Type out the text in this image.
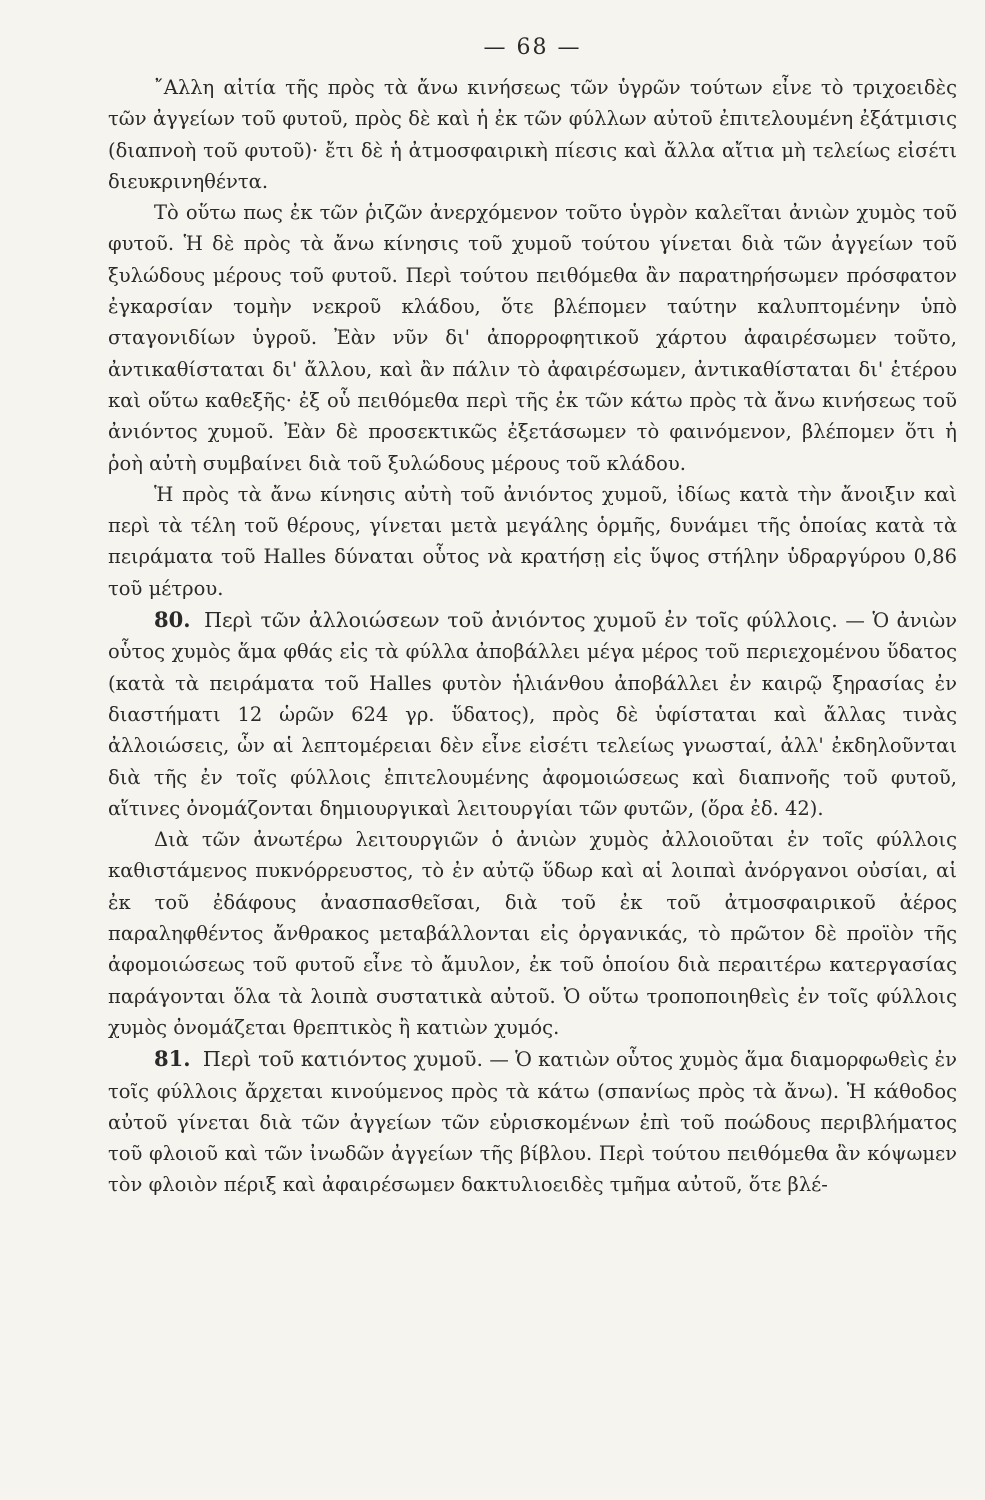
— 68 —

῎Αλλη αἰτία τῆς πρὸς τὰ ἄνω κινήσεως τῶν ὑγρῶν τούτων εἶνε τὸ τριχοειδὲς τῶν ἀγγείων τοῦ φυτοῦ, πρὸς δὲ καὶ ἡ ἐκ τῶν φύλλων αὐτοῦ ἐπιτελουμένη ἐξάτμισις (διαπνοὴ τοῦ φυτοῦ)· ἔτι δὲ ἡ ἀτμοσφαιρικὴ πίεσις καὶ ἄλλα αἴτια μὴ τελείως εἰσέτι διευκρινηθέντα.

Τὸ οὕτω πως ἐκ τῶν ῥιζῶν ἀνερχόμενον τοῦτο ὑγρὸν καλεῖται ἀνιὼν χυμὸς τοῦ φυτοῦ. Ἡ δὲ πρὸς τὰ ἄνω κίνησις τοῦ χυμοῦ τούτου γίνεται διὰ τῶν ἀγγείων τοῦ ξυλώδους μέρους τοῦ φυτοῦ. Περὶ τούτου πειθόμεθα ἂν παρατηρήσωμεν πρόσφατον ἐγκαρσίαν τομὴν νεκροῦ κλάδου, ὅτε βλέπομεν ταύτην καλυπτομένην ὑπὸ σταγονιδίων ὑγροῦ. Ἐὰν νῦν δι' ἀπορροφητικοῦ χάρτου ἀφαιρέσωμεν τοῦτο, ἀντικαθίσταται δι' ἄλλου, καὶ ἂν πάλιν τὸ ἀφαιρέσωμεν, ἀντικαθίσταται δι' ἑτέρου καὶ οὕτω καθεξῆς· ἐξ οὗ πειθόμεθα περὶ τῆς ἐκ τῶν κάτω πρὸς τὰ ἄνω κινήσεως τοῦ ἀνιόντος χυμοῦ. Ἐὰν δὲ προσεκτικῶς ἐξετάσωμεν τὸ φαινόμενον, βλέπομεν ὅτι ἡ ῥοὴ αὐτὴ συμβαίνει διὰ τοῦ ξυλώδους μέρους τοῦ κλάδου.

Ἡ πρὸς τὰ ἄνω κίνησις αὐτὴ τοῦ ἀνιόντος χυμοῦ, ἰδίως κατὰ τὴν ἄνοιξιν καὶ περὶ τὰ τέλη τοῦ θέρους, γίνεται μετὰ μεγάλης ὁρμῆς, δυνάμει τῆς ὁποίας κατὰ τὰ πειράματα τοῦ Halles δύναται οὗτος νὰ κρατήσῃ εἰς ὕψος στήλην ὑδραργύρου 0,86 τοῦ μέτρου.

80. Περὶ τῶν ἀλλοιώσεων τοῦ ἀνιόντος χυμοῦ ἐν τοῖς φύλλοις. — Ὁ ἀνιὼν οὗτος χυμὸς ἅμα φθάς εἰς τὰ φύλλα ἀποβάλλει μέγα μέρος τοῦ περιεχομένου ὕδατος (κατὰ τὰ πειράματα τοῦ Halles φυτὸν ἡλιάνθου ἀποβάλλει ἐν καιρῷ ξηρασίας ἐν διαστήματι 12 ὡρῶν 624 γρ. ὕδατος), πρὸς δὲ ὑφίσταται καὶ ἄλλας τινὰς ἀλλοιώσεις, ὧν αἱ λεπτομέρειαι δὲν εἶνε εἰσέτι τελείως γνωσταί, ἀλλ' ἐκδηλοῦνται διὰ τῆς ἐν τοῖς φύλλοις ἐπιτελουμένης ἀφομοιώσεως καὶ διαπνοῆς τοῦ φυτοῦ, αἵτινες ὀνομάζονται δημιουργικαὶ λειτουργίαι τῶν φυτῶν, (ὅρα ἐδ. 42).

Διὰ τῶν ἀνωτέρω λειτουργιῶν ὁ ἀνιὼν χυμὸς ἀλλοιοῦται ἐν τοῖς φύλλοις καθιστάμενος πυκνόρρευστος, τὸ ἐν αὐτῷ ὕδωρ καὶ αἱ λοιπαὶ ἀνόργανοι οὐσίαι, αἱ ἐκ τοῦ ἐδάφους ἀνασπασθεῖσαι, διὰ τοῦ ἐκ τοῦ ἀτμοσφαιρικοῦ ἀέρος παραληφθέντος ἄνθρακος μεταβάλλονται εἰς ὀργανικάς, τὸ πρῶτον δὲ προϊὸν τῆς ἀφομοιώσεως τοῦ φυτοῦ εἶνε τὸ ἄμυλον, ἐκ τοῦ ὁποίου διὰ περαιτέρω κατεργασίας παράγονται ὅλα τὰ λοιπὰ συστατικὰ αὐτοῦ. Ὁ οὕτω τροποποιηθεὶς ἐν τοῖς φύλλοις χυμὸς ὀνομάζεται θρεπτικὸς ἢ κατιὼν χυμός.

81. Περὶ τοῦ κατιόντος χυμοῦ. — Ὁ κατιὼν οὗτος χυμὸς ἅμα διαμορφωθεὶς ἐν τοῖς φύλλοις ἄρχεται κινούμενος πρὸς τὰ κάτω (σπανίως πρὸς τὰ ἄνω). Ἡ κάθοδος αὐτοῦ γίνεται διὰ τῶν ἀγγείων τῶν εὑρισκομένων ἐπὶ τοῦ ποώδους περιβλήματος τοῦ φλοιοῦ καὶ τῶν ἰνωδῶν ἀγγείων τῆς βίβλου. Περὶ τούτου πειθόμεθα ἂν κόψωμεν τὸν φλοιὸν πέριξ καὶ ἀφαιρέσωμεν δακτυλιοειδὲς τμῆμα αὐτοῦ, ὅτε βλέ-
